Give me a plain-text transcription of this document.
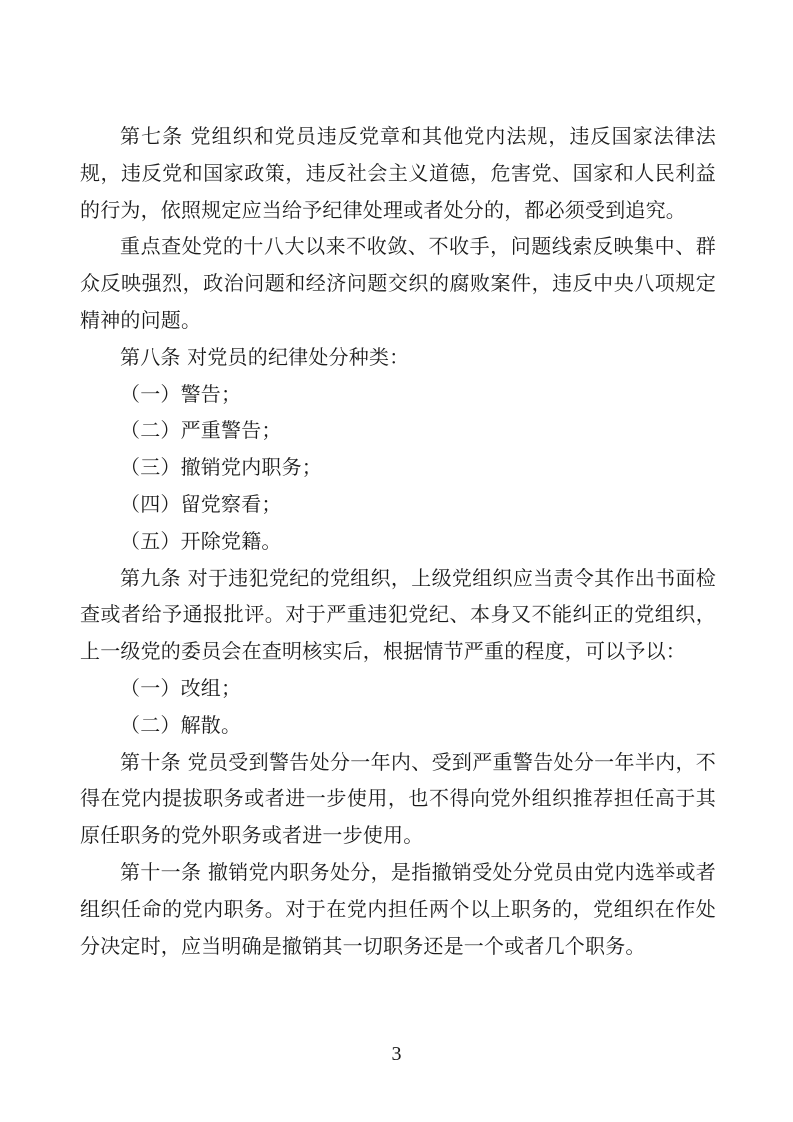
第七条 党组织和党员违反党章和其他党内法规，违反国家法律法规，违反党和国家政策，违反社会主义道德，危害党、国家和人民利益的行为，依照规定应当给予纪律处理或者处分的，都必须受到追究。

重点查处党的十八大以来不收敛、不收手，问题线索反映集中、群众反映强烈，政治问题和经济问题交织的腐败案件，违反中央八项规定精神的问题。

第八条 对党员的纪律处分种类：

（一）警告；

（二）严重警告；

（三）撤销党内职务；

（四）留党察看；

（五）开除党籍。

第九条 对于违犯党纪的党组织，上级党组织应当责令其作出书面检查或者给予通报批评。对于严重违犯党纪、本身又不能纠正的党组织，上一级党的委员会在查明核实后，根据情节严重的程度，可以予以：

（一）改组；

（二）解散。

第十条 党员受到警告处分一年内、受到严重警告处分一年半内，不得在党内提拔职务或者进一步使用，也不得向党外组织推荐担任高于其原任职务的党外职务或者进一步使用。

第十一条 撤销党内职务处分，是指撤销受处分党员由党内选举或者组织任命的党内职务。对于在党内担任两个以上职务的，党组织在作处分决定时，应当明确是撤销其一切职务还是一个或者几个职务。

3
